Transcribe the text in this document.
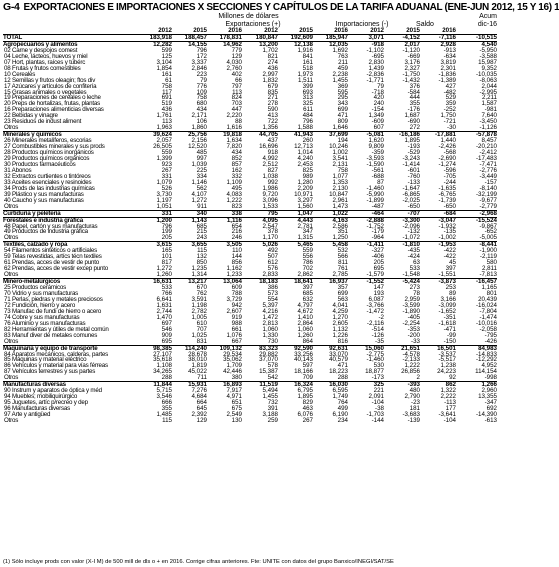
G-4 EXPORTACIONES E IMPORTACIONES X SECCIONES Y CAPÍTULOS DE LA TARIFA ADUANAL (ENE-JUN 2012, 15 Y 16) 1
Millones de dólares	Acum
Exportaciones (+)	Importaciones (-)	Saldo	dic-16
	2012	2015	2016	2012	2015	2016	2012	2015	2016	
TOTAL	183,918	188,457	178,831	180,847	192,609	185,947	3,071	-4,152	-7,116	-10,515
Agropecuarios y alimentos	12,282	14,155	14,962	13,200	12,138	12,035	-918	2,017	2,928	4,540
02 Carne y despojos comest	599	796	779	1,702	1,916	1,692	-1,102	-1,120	-913	-5,950
04 Leche, lácteos, huevos y miel	125	172	129	821	841	763	-695	-669	-634	-3,588
07 Hort, plantas, raíces y tubérc	3,104	3,337	4,030	274	161	211	2,830	3,176	3,819	15,987
08 Frutas y frutos comestibles	1,854	2,846	2,760	436	518	459	1,439	2,327	2,301	9,352
10 Cereales	161	223	402	2,997	1,973	2,238	-2,836	-1,750	-1,836	-10,035
12 Semillas y frutos oleagin; ftos div	61	79	66	1,832	1,511	1,455	-1,771	-1,432	-1,389	-8,063
17 Azúcares y artículos de confitería	758	776	797	679	399	369	79	376	427	2,044
15 Grasas animales o vegetales	117	109	113	835	693	595	-718	-584	-482	-2,995
19 Preparaciones de cereales o leche	691	758	824	271	313	295	420	444	529	2,211
20 Preps de hortalizas, frutas, plantas	519	680	703	278	325	343	240	355	359	1,587
16 Preparaciones alimenticias diversas	436	434	447	590	611	699	-154	-176	-252	-981
22 Bebidas y vinagre	1,761	2,171	2,220	413	484	471	1,349	1,687	1,750	7,640
23 Residuos de indust aliment	113	106	88	722	796	809	-609	-690	-721	-3,450
Otros	1,963	1,860	1,616	1,356	1,588	1,646	607	272	-30	-1,126
Minerales y químicos	39,624	25,756	19,818	44,705	41,943	37,699	-5,081	-16,186	-17,881	-57,878
26 Minerales metalíferos, escorias	2,057	2,156	1,634	437	260	194	1,620	1,895	1,440	8,457
27 Combustibles minerales y sus prods	26,505	12,520	7,820	16,696	12,713	10,246	9,809	-193	-2,426	-20,210
28 Productos químicos inorgánicos	559	485	434	918	1,014	1,002	-359	-529	-568	-2,412
29 Productos químicos orgánicos	1,399	997	852	4,992	4,240	3,541	-3,593	-3,243	-2,690	-17,483
30 Productos farmacéuticos	923	1,039	857	2,512	2,453	2,131	-1,590	-1,414	-1,274	-7,471
31 Abonos	267	225	162	827	825	758	-561	-601	-596	-2,776
32 Extractos curtientes o tintóreos	331	334	332	1,038	989	1,077	-688	-760	-705	-3,449
33 Aceites esenciales y resinoides	1,079	1,146	1,109	992	1,280	1,353	87	-133	-244	-157
34 Prods de las industrias químicas	526	562	495	1,986	2,209	2,130	-1,460	-1,647	-1,635	-8,140
39 Plástico y sus manufacturas	3,730	4,107	4,083	9,720	10,971	10,847	-5,990	-6,865	-6,765	-32,199
40 Caucho y sus manufacturas	1,197	1,272	1,222	3,096	3,297	2,961	-1,899	-2,025	-1,739	-9,677
Otros	1,051	911	823	1,533	1,560	1,473	-487	-650	-650	-2,779
Curtiduría y peletería	331	340	338	795	1,047	1,022	-464	-707	-684	-2,968
Forestales e industria gráfica	1,200	1,143	1,116	4,095	4,443	4,163	-2,888	-3,300	-3,047	-15,524
48 Papel, cartón y sus manufacturas	796	685	654	2,547	2,781	2,586	-1,752	-2,096	-1,932	-9,867
49 Productos de industria gráfica	199	215	216	378	347	351	-179	-132	-135	-652
Otros	205	243	246	1,170	1,315	1,250	-964	-1,072	-1,002	-5,005
Textiles, calzado y ropa	3,615	3,655	3,505	5,026	5,465	5,458	-1,411	-1,810	-1,953	-8,441
54 Filamentos sintéticos o artificiales	165	115	110	492	559	532	-327	-435	-422	-1,900
59 Telas revestidas, artícs técn textiles	101	132	144	507	556	566	-406	-424	-422	-2,119
61 Prendas, acces de vestir de punto	817	850	856	612	786	811	205	63	45	580
62 Prendas, acces de vestir excep punto	1,272	1,235	1,162	576	702	761	695	533	397	2,811
Otros	1,260	1,314	1,233	2,833	2,862	2,785	-1,579	-1,548	-1,551	-7,813
Minero-metalúrgicos	16,631	13,217	13,064	18,183	18,641	16,937	-1,552	-5,424	-3,873	-16,457
25 Productos cerámicos	533	670	609	386	397	357	147	273	253	1,165
70 Vidrio y sus manufacturas	766	762	788	573	685	699	193	78	89	801
71 Perlas, piedras y metales preciosos	6,641	3,591	3,729	554	632	563	6,087	2,959	3,166	20,439
72 Fundición, hierro y acero	1,631	1,198	942	5,397	4,797	4,041	-3,766	-3,599	-3,099	-16,024
73 Manufac de fundi de hierro o acero	2,744	2,782	2,607	4,216	4,672	4,259	-1,472	-1,890	-1,652	-7,804
74 Cobre y sus manufacturas	1,470	1,005	919	1,472	1,410	1,270	-2	-405	-351	-1,474
76 Aluminio y sus manufacturas	697	610	988	2,813	2,864	2,605	-2,116	-2,254	-1,618	-10,016
82 Herramientas y útiles de metal común	546	707	661	1,060	1,060	1,132	-514	-353	-471	-2,058
83 Manuf diver de metales comunes	909	1,025	1,076	1,330	1,260	1,226	-126	-200	-99	-795
Otros	695	831	667	730	864	816	-35	-33	-150	-426
Maquinaria y equipo de transporte	98,385	114,240	109,132	83,323	92,590	92,631	15,060	21,651	16,501	84,983
84 Aparatos mecánicos, calderas, partes	27,107	28,678	29,534	29,882	33,256	33,070	-2,775	-4,578	-3,537	-14,833
85 Máquinas y material eléctrico	35,618	38,010	35,062	37,070	40,143	40,579	-1,460	-2,133	-5,517	-12,292
86 Vehículos y material para vías férreas	1,108	1,819	1,709	578	597	471	530	1,222	1,238	4,952
87 Vehículos terrestres y sus partes	34,265	45,022	42,446	15,387	18,166	18,223	18,877	26,856	24,223	114,154
Otros	288	711	380	542	709	288	-173	2	92	-998
Manufacturas diversas	11,844	15,931	16,893	11,519	16,324	16,030	325	-393	862	1,266
90 Instrum y aparatos de óptica y méd	5,715	7,276	7,917	5,494	6,795	6,595	221	480	1,322	2,960
94 Muebles; mobiliquirúrgico	3,546	4,684	4,971	1,455	1,895	1,749	2,091	2,790	2,222	13,355
95 Juguetes, artíc p/recreo y dep	666	664	651	732	829	764	-104	-23	-113	-347
96 Manufacturas diversas	355	645	675	391	463	499	-38	181	177	692
97 Arte y antigüed	1,485	2,392	2,549	3,188	6,076	6,190	-1,703	-3,683	-3,641	-14,390
Otros	115	129	130	259	267	234	-144	-139	-104	-613
(1) Sólo incluye prods con valor (X-I M) de 500 mill de dls o + en 2016. Corrige cifras anteriores. Fte: UNITE con datos del grupo Banxico/INEGI/SAT/SE
